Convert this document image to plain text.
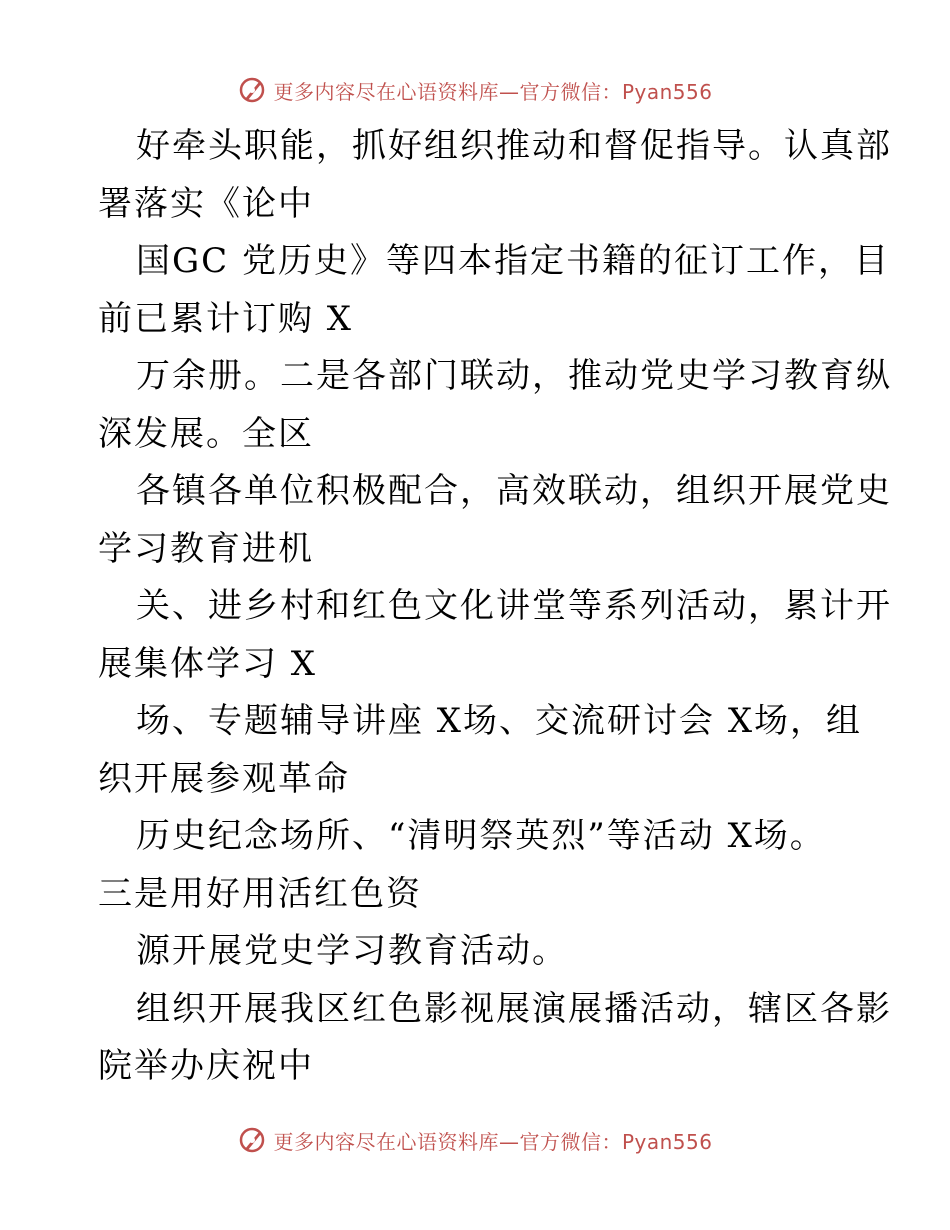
更多内容尽在心语资料库—官方微信：Pyan556
好牵头职能，抓好组织推动和督促指导。认真部
署落实《论中
国GC 党历史》等四本指定书籍的征订工作，目
前已累计订购 X
万余册。二是各部门联动，推动党史学习教育纵
深发展。全区
各镇各单位积极配合，高效联动，组织开展党史
学习教育进机
关、进乡村和红色文化讲堂等系列活动，累计开
展集体学习 X
场、专题辅导讲座 X场、交流研讨会 X场，组
织开展参观革命
历史纪念场所、“清明祭英烈”等活动 X场。
三是用好用活红色资
源开展党史学习教育活动。
组织开展我区红色影视展演展播活动，辖区各影
院举办庆祝中
更多内容尽在心语资料库—官方微信：Pyan556
